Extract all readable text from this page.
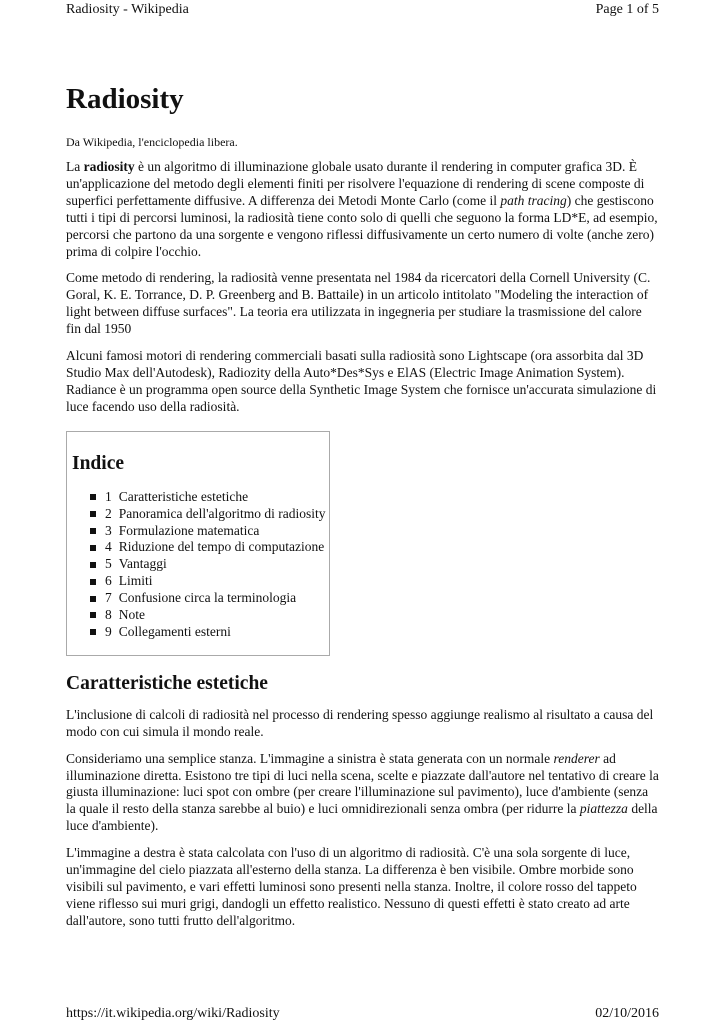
Radiosity - Wikipedia	Page 1 of 5
Radiosity
Da Wikipedia, l'enciclopedia libera.

La radiosity è un algoritmo di illuminazione globale usato durante il rendering in computer grafica 3D. È un'applicazione del metodo degli elementi finiti per risolvere l'equazione di rendering di scene composte di superfici perfettamente diffusive. A differenza dei Metodi Monte Carlo (come il path tracing) che gestiscono tutti i tipi di percorsi luminosi, la radiosità tiene conto solo di quelli che seguono la forma LD*E, ad esempio, percorsi che partono da una sorgente e vengono riflessi diffusivamente un certo numero di volte (anche zero) prima di colpire l'occhio.

Come metodo di rendering, la radiosità venne presentata nel 1984 da ricercatori della Cornell University (C. Goral, K. E. Torrance, D. P. Greenberg and B. Battaile) in un articolo intitolato "Modeling the interaction of light between diffuse surfaces". La teoria era utilizzata in ingegneria per studiare la trasmissione del calore fin dal 1950

Alcuni famosi motori di rendering commerciali basati sulla radiosità sono Lightscape (ora assorbita dal 3D Studio Max dell'Autodesk), Radiozity della Auto*Des*Sys e ElAS (Electric Image Animation System). Radiance è un programma open source della Synthetic Image System che fornisce un'accurata simulazione di luce facendo uso della radiosità.

Indice
1 Caratteristiche estetiche
2 Panoramica dell'algoritmo di radiosity
3 Formulazione matematica
4 Riduzione del tempo di computazione
5 Vantaggi
6 Limiti
7 Confusione circa la terminologia
8 Note
9 Collegamenti esterni
Caratteristiche estetiche

L'inclusione di calcoli di radiosità nel processo di rendering spesso aggiunge realismo al risultato a causa del modo con cui simula il mondo reale.

Consideriamo una semplice stanza. L'immagine a sinistra è stata generata con un normale renderer ad illuminazione diretta. Esistono tre tipi di luci nella scena, scelte e piazzate dall'autore nel tentativo di creare la giusta illuminazione: luci spot con ombre (per creare l'illuminazione sul pavimento), luce d'ambiente (senza la quale il resto della stanza sarebbe al buio) e luci omnidirezionali senza ombra (per ridurre la piattezza della luce d'ambiente).

L'immagine a destra è stata calcolata con l'uso di un algoritmo di radiosità. C'è una sola sorgente di luce, un'immagine del cielo piazzata all'esterno della stanza. La differenza è ben visibile. Ombre morbide sono visibili sul pavimento, e vari effetti luminosi sono presenti nella stanza. Inoltre, il colore rosso del tappeto viene riflesso sui muri grigi, dandogli un effetto realistico. Nessuno di questi effetti è stato creato ad arte dall'autore, sono tutti frutto dell'algoritmo.

https://it.wikipedia.org/wiki/Radiosity	02/10/2016
